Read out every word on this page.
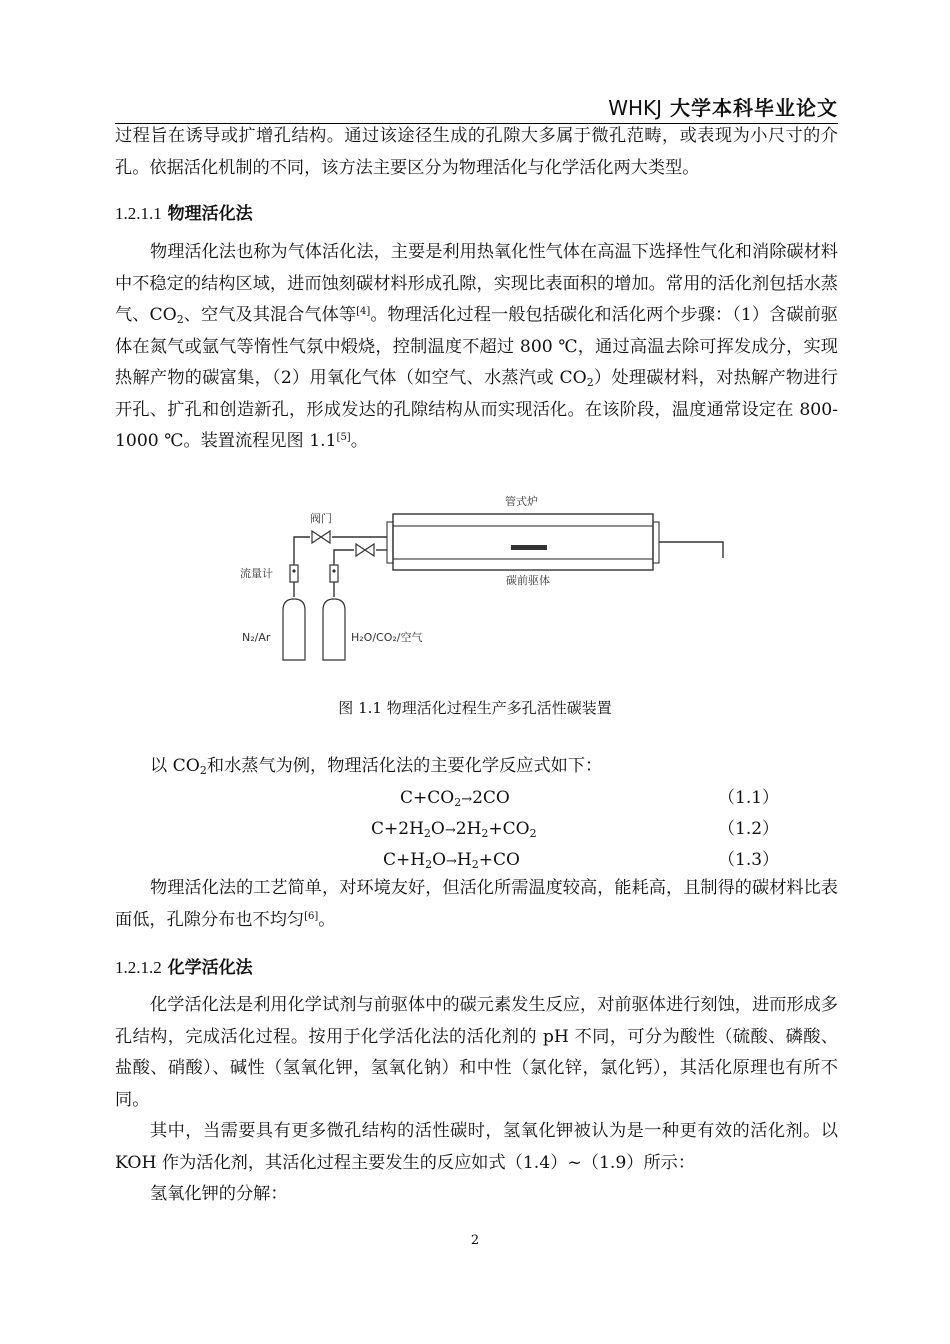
WHKJ 大学本科毕业论文

过程旨在诱导或扩增孔结构。通过该途径生成的孔隙大多属于微孔范畴，或表现为小尺寸的介孔。依据活化机制的不同，该方法主要区分为物理活化与化学活化两大类型。

1.2.1.1 物理活化法

物理活化法也称为气体活化法，主要是利用热氧化性气体在高温下选择性气化和消除碳材料中不稳定的结构区域，进而蚀刻碳材料形成孔隙，实现比表面积的增加。常用的活化剂包括水蒸气、$CO_2$、空气及其混合气体等[4]。物理活化过程一般包括碳化和活化两个步骤：（1）含碳前驱体在氮气或氩气等惰性气氛中煅烧，控制温度不超过 800 ℃，通过高温去除可挥发成分，实现热解产物的碳富集，（2）用氧化气体（如空气、水蒸汽或 $CO_2$）处理碳材料，对热解产物进行开孔、扩孔和创造新孔，形成发达的孔隙结构从而实现活化。在该阶段，温度通常设定在 800-1000 ℃。装置流程见图 1.1[5]。

管式炉
阀门
流量计
碳前驱体
N₂/Ar	H₂O/CO₂/空气
图 1.1 物理活化过程生产多孔活性碳装置

以 $CO_2$和水蒸气为例，物理活化法的主要化学反应式如下：

$C+CO_2\to 2CO$	（1.1）
$C+2H_2O\to 2H_2+CO_2$	（1.2）
$C+H_2O\to H_2+CO$	（1.3）

物理活化法的工艺简单，对环境友好，但活化所需温度较高，能耗高，且制得的碳材料比表面低，孔隙分布也不均匀[6]。

1.2.1.2 化学活化法

化学活化法是利用化学试剂与前驱体中的碳元素发生反应，对前驱体进行刻蚀，进而形成多孔结构，完成活化过程。按用于化学活化法的活化剂的 pH 不同，可分为酸性（硫酸、磷酸、盐酸、硝酸）、碱性（氢氧化钾，氢氧化钠）和中性（氯化锌，氯化钙），其活化原理也有所不同。

其中，当需要具有更多微孔结构的活性碳时，氢氧化钾被认为是一种更有效的活化剂。以 KOH 作为活化剂，其活化过程主要发生的反应如式（1.4）~（1.9）所示：

氢氧化钾的分解：

2
